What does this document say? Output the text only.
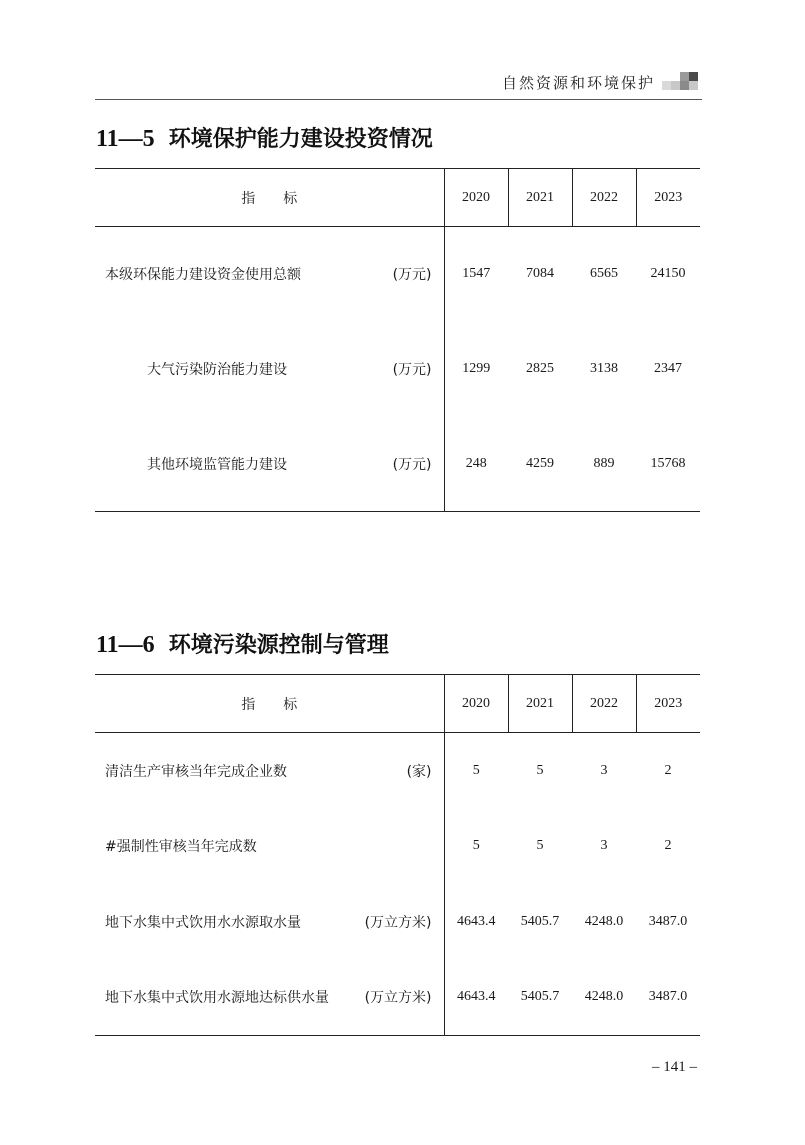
自然资源和环境保护
11—5 环境保护能力建设投资情况
指标	2020	2021	2022	2023

本级环保能力建设资金使用总额 (万元)	1547	7084	6565	24150

大气污染防治能力建设 (万元)	1299	2825	3138	2347

其他环境监管能力建设 (万元)	248	4259	889	15768
11—6 环境污染源控制与管理
指标	2020	2021	2022	2023

清洁生产审核当年完成企业数 (家)	5	5	3	2

#强制性审核当年完成数	5	5	3	2

地下水集中式饮用水水源取水量 (万立方米)	4643.4	5405.7	4248.0	3487.0

地下水集中式饮用水源地达标供水量 (万立方米)	4643.4	5405.7	4248.0	3487.0
– 141 –
